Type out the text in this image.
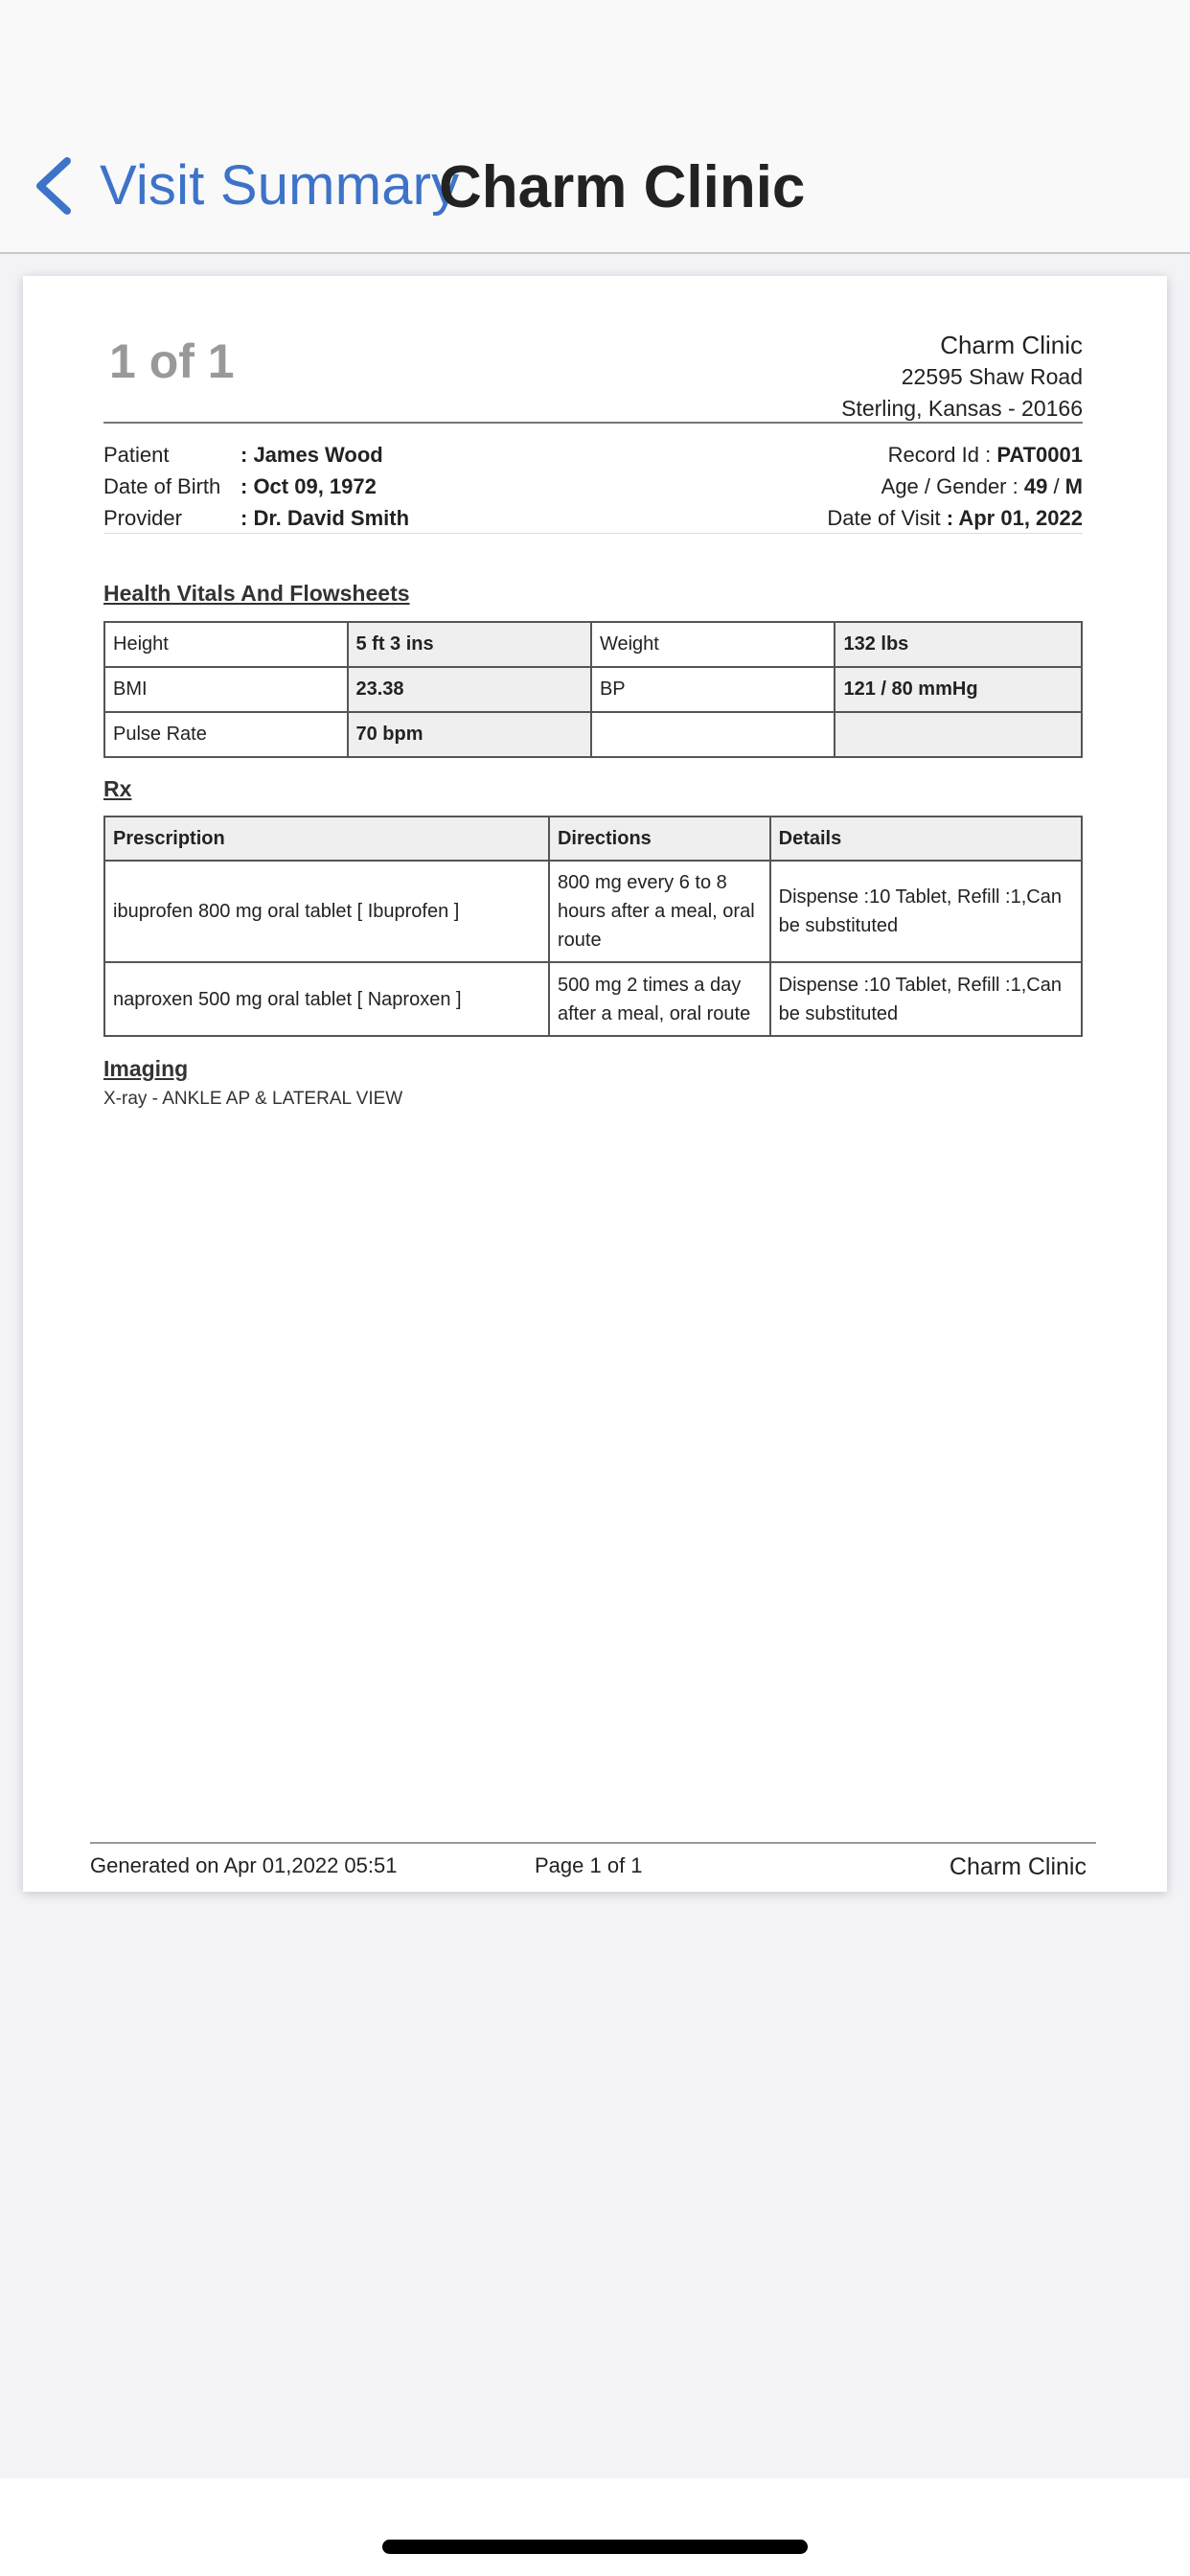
Visit Summary
Charm Clinic
1 of 1	Charm Clinic
22595 Shaw Road
Sterling, Kansas - 20166
Patient	: James Wood	Record Id : PAT0001
Date of Birth : Oct 09, 1972	Age / Gender : 49 / M
Provider	: Dr. David Smith	Date of Visit : Apr 01, 2022
Health Vitals And Flowsheets
Height	5 ft 3 ins	Weight	132 lbs
BMI	23.38	BP	121 / 80 mmHg
Pulse Rate	70 bpm		
Rx
Prescription	Directions	Details
ibuprofen 800 mg oral tablet [ Ibuprofen ]	800 mg every 6 to 8 hours after a meal, oral route	Dispense :10 Tablet, Refill :1,Can be substituted
naproxen 500 mg oral tablet [ Naproxen ]	500 mg 2 times a day after a meal, oral route	Dispense :10 Tablet, Refill :1,Can be substituted
Imaging
X-ray - ANKLE AP & LATERAL VIEW
Generated on Apr 01,2022 05:51	Page 1 of 1	Charm Clinic
